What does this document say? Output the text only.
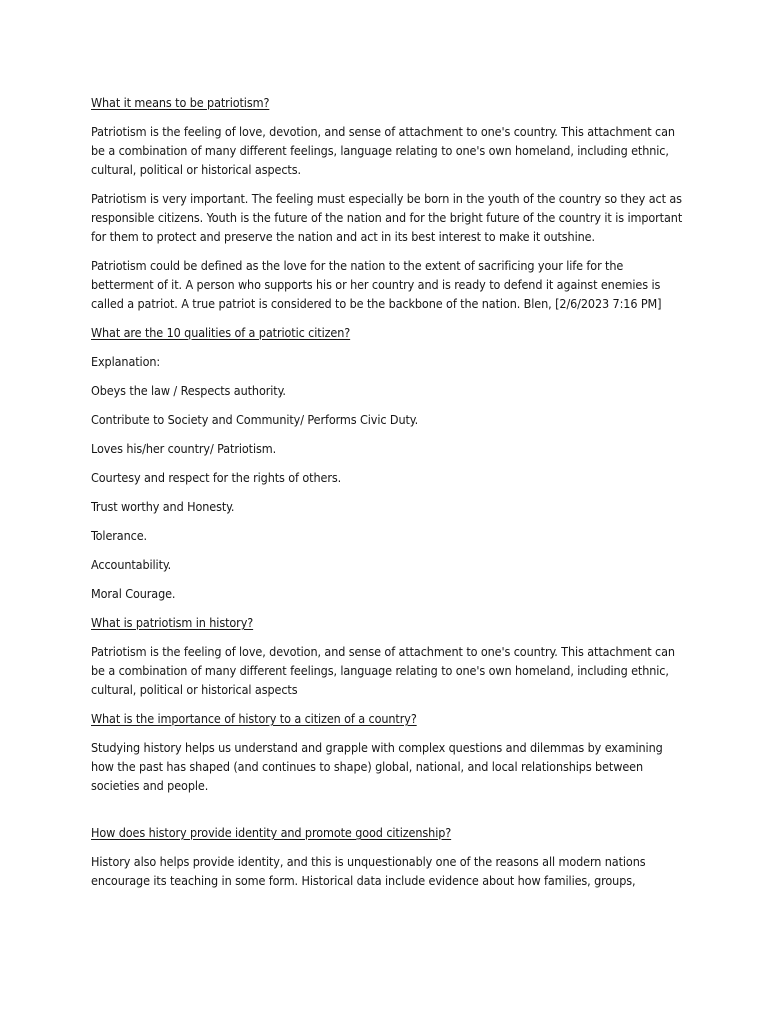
What it means to be patriotism?
Patriotism is the feeling of love, devotion, and sense of attachment to one's country. This attachment can be a combination of many different feelings, language relating to one's own homeland, including ethnic, cultural, political or historical aspects.
Patriotism is very important. The feeling must especially be born in the youth of the country so they act as responsible citizens. Youth is the future of the nation and for the bright future of the country it is important for them to protect and preserve the nation and act in its best interest to make it outshine.
Patriotism could be defined as the love for the nation to the extent of sacrificing your life for the betterment of it. A person who supports his or her country and is ready to defend it against enemies is called a patriot. A true patriot is considered to be the backbone of the nation. Blen, [2/6/2023 7:16 PM]
What are the 10 qualities of a patriotic citizen?
Explanation:
Obeys the law / Respects authority.
Contribute to Society and Community/ Performs Civic Duty.
Loves his/her country/ Patriotism.
Courtesy and respect for the rights of others.
Trust worthy and Honesty.
Tolerance.
Accountability.
Moral Courage.
What is patriotism in history?
Patriotism is the feeling of love, devotion, and sense of attachment to one's country. This attachment can be a combination of many different feelings, language relating to one's own homeland, including ethnic, cultural, political or historical aspects
What is the importance of history to a citizen of a country?
Studying history helps us understand and grapple with complex questions and dilemmas by examining how the past has shaped (and continues to shape) global, national, and local relationships between societies and people.
How does history provide identity and promote good citizenship?
History also helps provide identity, and this is unquestionably one of the reasons all modern nations encourage its teaching in some form. Historical data include evidence about how families, groups,
